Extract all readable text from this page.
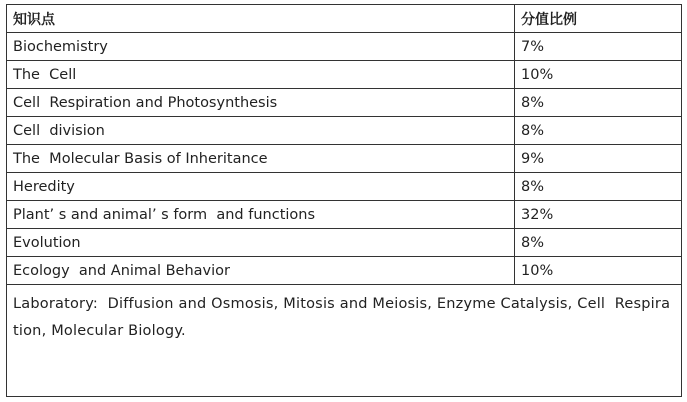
知识点	分值比例
Biochemistry	7%
The  Cell	10%
Cell  Respiration and Photosynthesis	8%
Cell  division	8%
The  Molecular Basis of Inheritance	9%
Heredity	8%
Plant’ s and animal’ s form  and functions	32%
Evolution	8%
Ecology  and Animal Behavior	10%
Laboratory:  Diffusion and Osmosis, Mitosis and Meiosis, Enzyme Catalysis, Cell  Respiration, Molecular Biology.	
